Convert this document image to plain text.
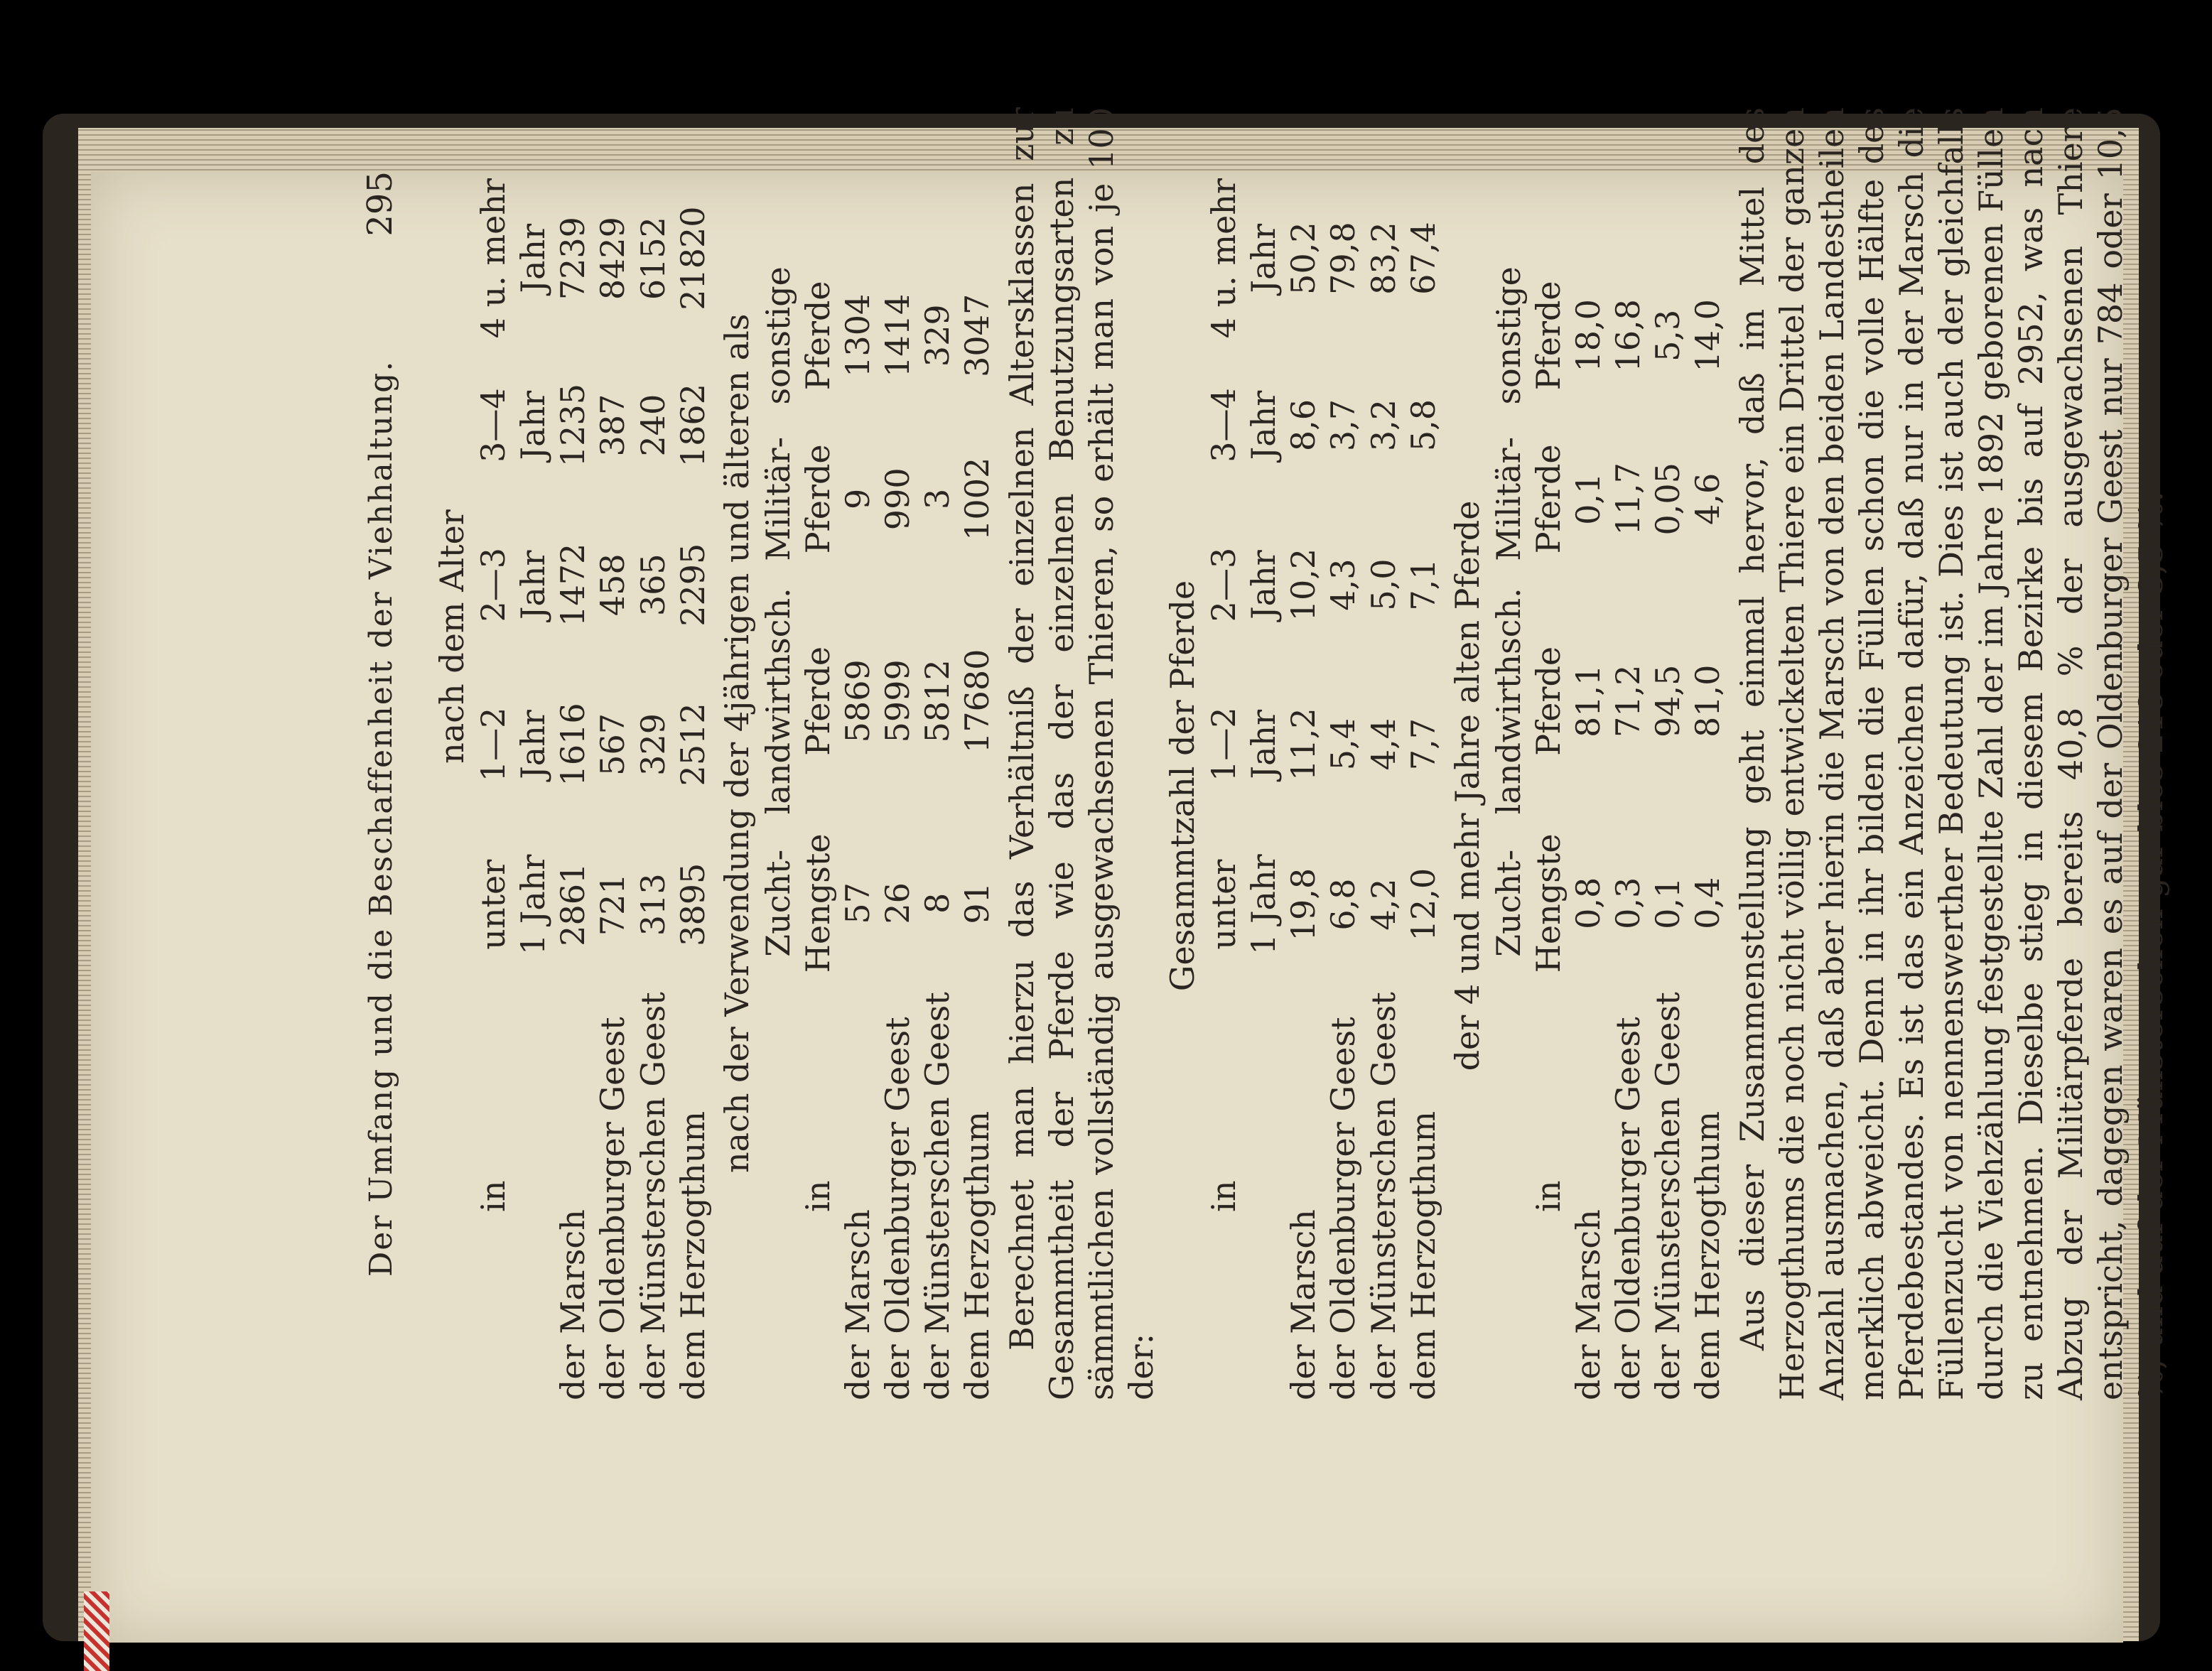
Der Umfang und die Beschaffenheit der Viehhaltung.
295
nach dem Alter
in	unter	1—2	2—3	3—4	4 u. mehr
	1 Jahr	Jahr	Jahr	Jahr	Jahr
der Marsch	2861	1616	1472	1235	7239
der Oldenburger Geest	721	567	458	387	8429
der Münsterschen Geest	313	329	365	240	6152
dem Herzogthum	3895	2512	2295	1862	21820
nach der Verwendung der 4jährigen und älteren als
	Zucht-	landwirthsch.	Militär-	sonstige
in	Hengste	Pferde	Pferde	Pferde
der Marsch	57	5869	9	1304
der Oldenburger Geest	26	5999	990	1414
der Münsterschen Geest	8	5812	3	329
dem Herzogthum	91	17680	1002	3047 Berechnet man hierzu das Verhältniß der einzelnen Altersklassen zur Gesammtheit der Pferde wie das der einzelnen Benutzungsarten zu sämmtlichen vollständig ausgewachsenen Thieren, so erhält man von je 100 der:

Gesammtzahl der Pferde
in	unter	1—2	2—3	3—4	4 u. mehr
	1 Jahr	Jahr	Jahr	Jahr	Jahr
der Marsch	19,8	11,2	10,2	8,6	50,2
der Oldenburger Geest	6,8	5,4	4,3	3,7	79,8
der Münsterschen Geest	4,2	4,4	5,0	3,2	83,2
dem Herzogthum	12,0	7,7	7,1	5,8	67,4
der 4 und mehr Jahre alten Pferde
	Zucht-	landwirthsch.	Militär-	sonstige
in	Hengste	Pferde	Pferde	Pferde
der Marsch	0,8	81,1	0,1	18,0
der Oldenburger Geest	0,3	71,2	11,7	16,8
der Münsterschen Geest	0,1	94,5	0,05	5,3
dem Herzogthum	0,4	81,0	4,6	14,0 Aus dieser Zusammenstellung geht einmal hervor, daß im Mittel des Herzogthums die noch nicht völlig entwickelten Thiere ein Drittel der ganzen Anzahl ausmachen, daß aber hierin die Marsch von den beiden Landestheilen merklich abweicht. Denn in ihr bilden die Füllen schon die volle Hälfte des Pferdebestandes. Es ist das ein Anzeichen dafür, daß nur in der Marsch die Füllenzucht von nennenswerther Bedeutung ist. Dies ist auch der gleichfalls durch die Viehzählung festgestellte Zahl der im Jahre 1892 geborenen Füllen zu entnehmen. Dieselbe stieg in diesem Bezirke bis auf 2952, was nach Abzug der Militärpferde bereits 40,8 % der ausgewachsenen Thiere entspricht, dagegen waren es auf der Oldenburger Geest nur 784 oder 10,5 %, und auf der Münsterschen gar blos 218 oder 3,5 %.
